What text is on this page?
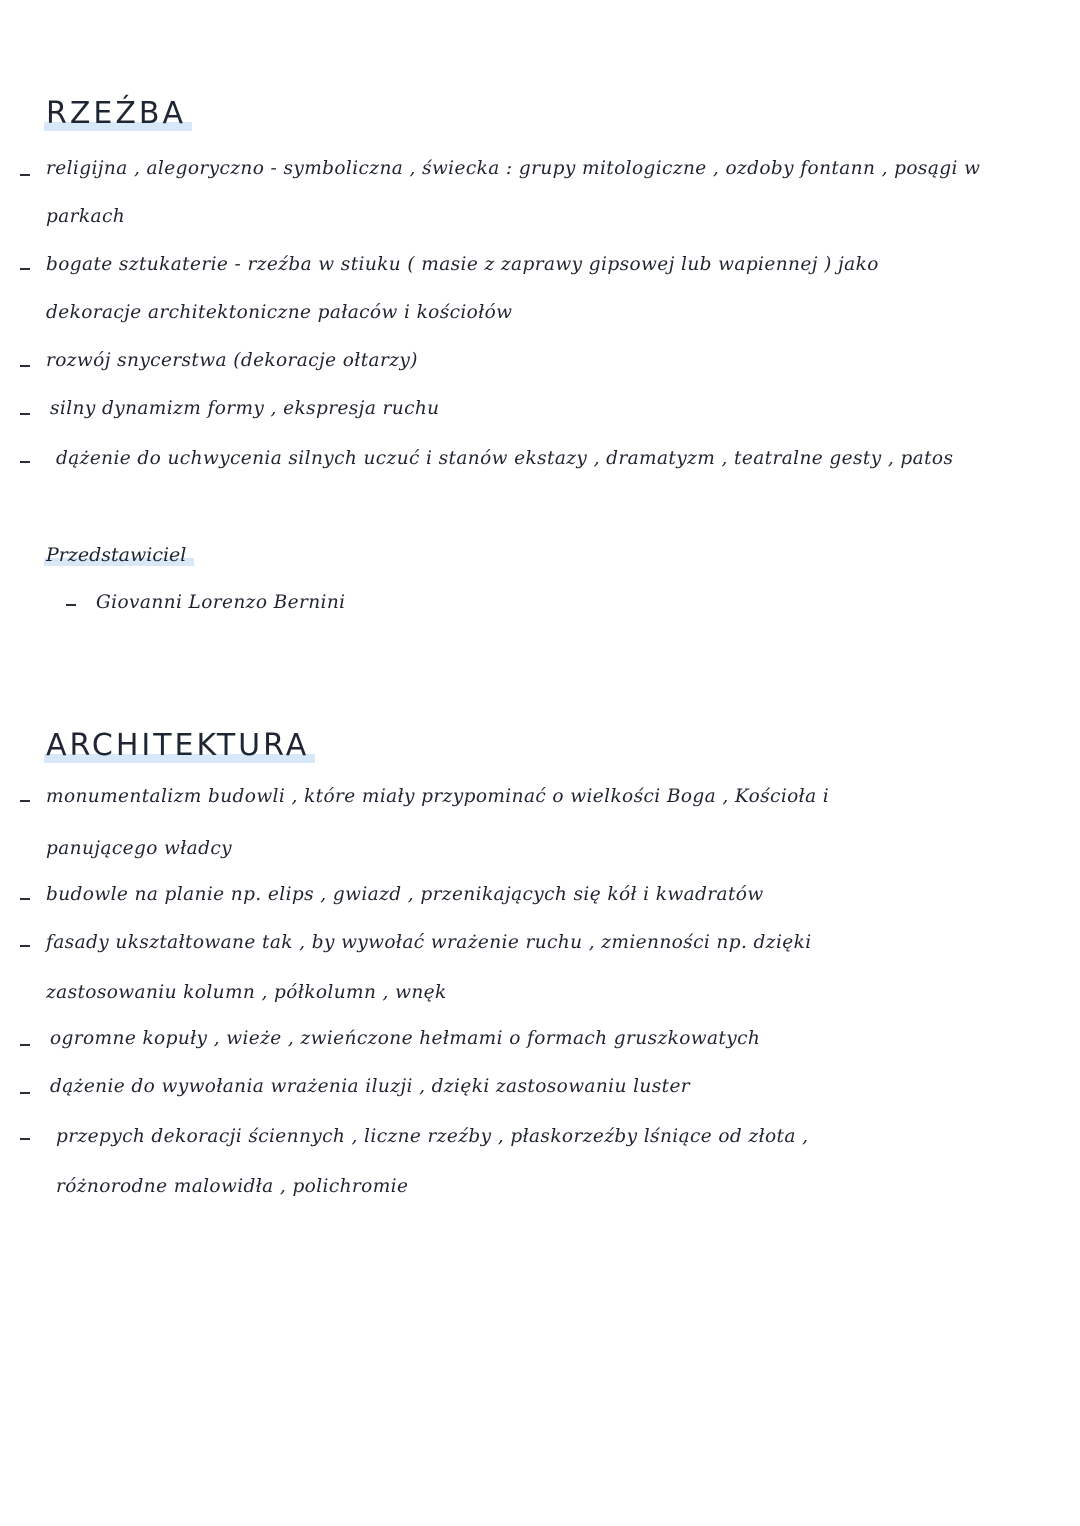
RZEŹBA
religijna , alegoryczno - symboliczna , świecka : grupy mitologiczne , ozdoby fontann , posągi w
parkach
bogate sztukaterie - rzeźba w stiuku ( masie z zaprawy gipsowej lub wapiennej ) jako
dekoracje architektoniczne pałaców i kościołów
rozwój snycerstwa (dekoracje ołtarzy)
silny dynamizm formy , ekspresja ruchu
dążenie do uchwycenia silnych uczuć i stanów ekstazy , dramatyzm , teatralne gesty , patos
Przedstawiciel
Giovanni Lorenzo Bernini
ARCHITEKTURA
monumentalizm budowli , które miały przypominać o wielkości Boga , Kościoła i
panującego władcy
budowle na planie np. elips , gwiazd , przenikających się kół i kwadratów
fasady ukształtowane tak , by wywołać wrażenie ruchu , zmienności np. dzięki
zastosowaniu kolumn , półkolumn , wnęk
ogromne kopuły , wieże , zwieńczone hełmami o formach gruszkowatych
dążenie do wywołania wrażenia iluzji , dzięki zastosowaniu luster
przepych dekoracji ściennych , liczne rzeźby , płaskorzeźby lśniące od złota ,
różnorodne malowidła , polichromie
